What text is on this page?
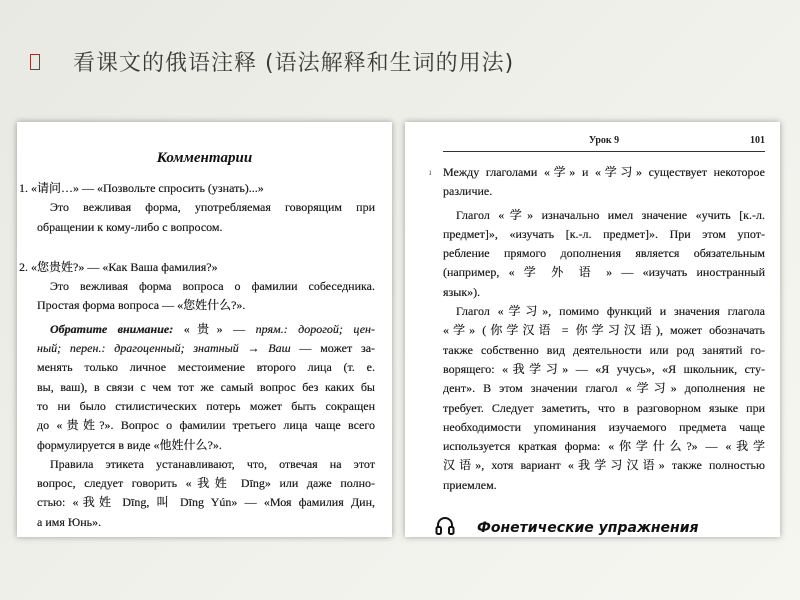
看课文的俄语注释 (语法解释和生词的用法)
Комментарии
1. «请问…» — «Позвольте спросить (узнать)...»
Это вежливая форма, употребляемая говорящим при
обращении к кому-либо с вопросом.
2. «您贵姓?» — «Как Ваша фамилия?»
Это вежливая форма вопроса о фамилии собеседника.
Простая форма вопроса — «您姓什么?».
Обратите внимание: «贵» — прям.: дорогой; цен-
ный; перен.: драгоценный; знатный → Ваш — может за-
менять только личное местоимение второго лица (т. е.
вы, ваш), в связи с чем тот же самый вопрос без каких бы
то ни было стилистических потерь может быть сокращен
до «贵姓?». Вопрос о фамилии третьего лица чаще всего
формулируется в виде «他姓什么?».
Правила этикета устанавливают, что, отвечая на этот
вопрос, следует говорить «我姓 Dīng» или даже полно-
стью: «我姓 Dīng, 叫 Dīng Yún» — «Моя фамилия Дин,
а имя Юнь».
Урок 9	101
ı Между глаголами «学» и «学习» существует некоторое
различие.
Глагол «学» изначально имел значение «учить [к.-л.
предмет]», «изучать [к.-л. предмет]». При этом упот-
ребление прямого дополнения является обязательным
(например, « 学 外 语 » — «изучать иностранный
язык»).
Глагол «学习», помимо функций и значения глагола
«学» (你学汉语 = 你学习汉语), может обозначать
также собственно вид деятельности или род занятий го-
ворящего: «我学习» — «Я учусь», «Я школьник, сту-
дент». В этом значении глагол «学习» дополнения не
требует. Следует заметить, что в разговорном языке при
необходимости упоминания изучаемого предмета чаще
используется краткая форма: «你学什么?» — «我学
汉语», хотя вариант «我学习汉语» также полностью
приемлем.
Фонетические упражнения
